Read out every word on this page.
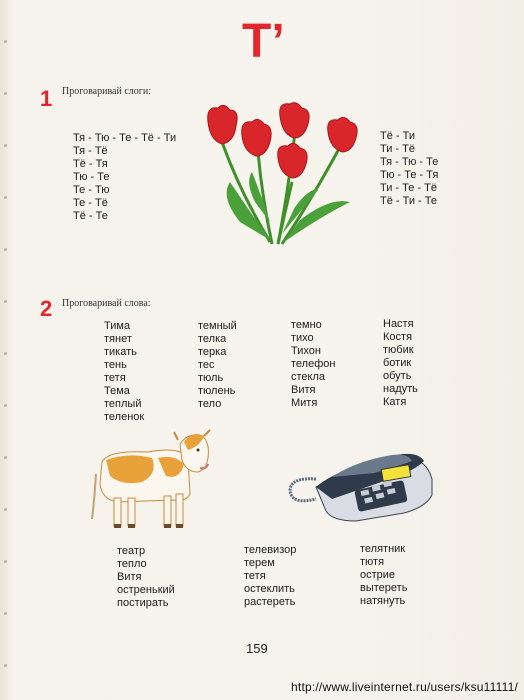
Т’
1 Проговаривай слоги:
Тя - Тю - Те - Тё - Ти
Тя - Тё
Тё - Тя
Тю - Те
Те - Тю
Те - Тё
Тё - Те
Тё - Ти
Ти - Тё
Тя - Тю - Те
Тю - Те - Тя
Ти - Те - Тё
Тё - Ти - Те
2 Проговаривай слова:
Тима
тянет
тикать
тень
тетя
Тема
теплый
теленок
темный
телка
терка
тес
тюль
тюлень
тело
темно
тихо
Тихон
телефон
стекла
Витя
Митя
Настя
Костя
тюбик
ботик
обуть
надуть
Катя
театр
тепло
Витя
остренький
постирать
телевизор
терем
тетя
остеклить
растереть
телятник
тютя
острие
вытереть
натянуть
159
http://www.liveinternet.ru/users/ksu11111/
